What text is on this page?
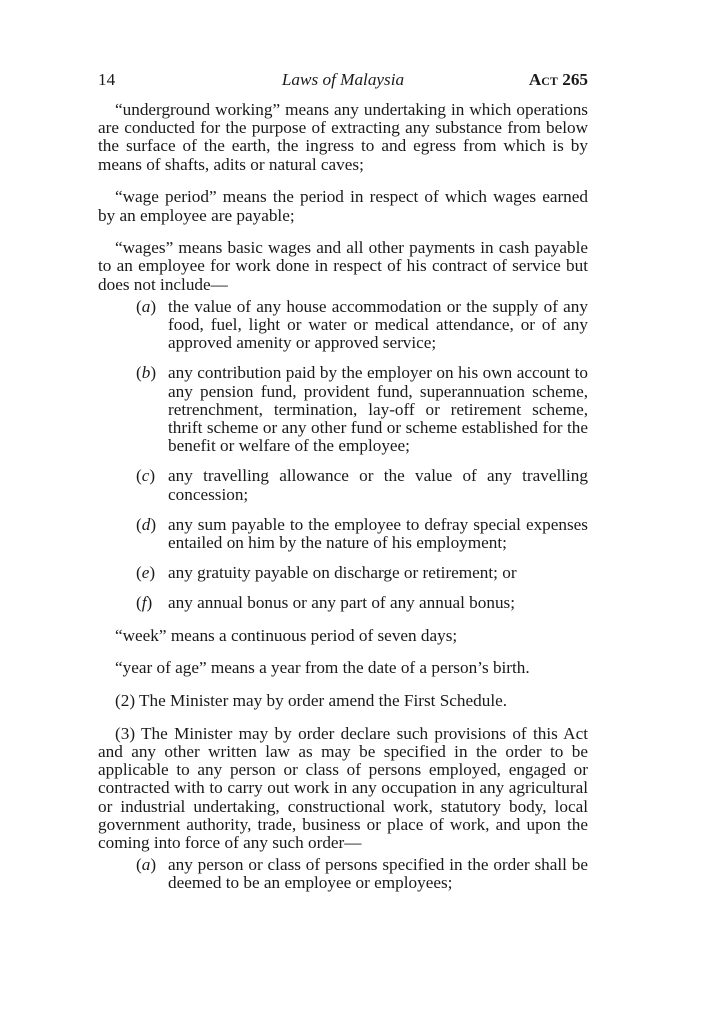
14	Laws of Malaysia	Act 265

“underground working” means any undertaking in which operations are conducted for the purpose of extracting any substance from below the surface of the earth, the ingress to and egress from which is by means of shafts, adits or natural caves;

“wage period” means the period in respect of which wages earned by an employee are payable;

“wages” means basic wages and all other payments in cash payable to an employee for work done in respect of his contract of service but does not include—

(a) the value of any house accommodation or the supply of any food, fuel, light or water or medical attendance, or of any approved amenity or approved service;
(b) any contribution paid by the employer on his own account to any pension fund, provident fund, superannuation scheme, retrenchment, termination, lay-off or retirement scheme, thrift scheme or any other fund or scheme established for the benefit or welfare of the employee;
(c) any travelling allowance or the value of any travelling concession;
(d) any sum payable to the employee to defray special expenses entailed on him by the nature of his employment;
(e) any gratuity payable on discharge or retirement; or
(f) any annual bonus or any part of any annual bonus;

“week” means a continuous period of seven days;

“year of age” means a year from the date of a person’s birth.

(2) The Minister may by order amend the First Schedule.

(3) The Minister may by order declare such provisions of this Act and any other written law as may be specified in the order to be applicable to any person or class of persons employed, engaged or contracted with to carry out work in any occupation in any agricultural or industrial undertaking, constructional work, statutory body, local government authority, trade, business or place of work, and upon the coming into force of any such order—

(a) any person or class of persons specified in the order shall be deemed to be an employee or employees;
